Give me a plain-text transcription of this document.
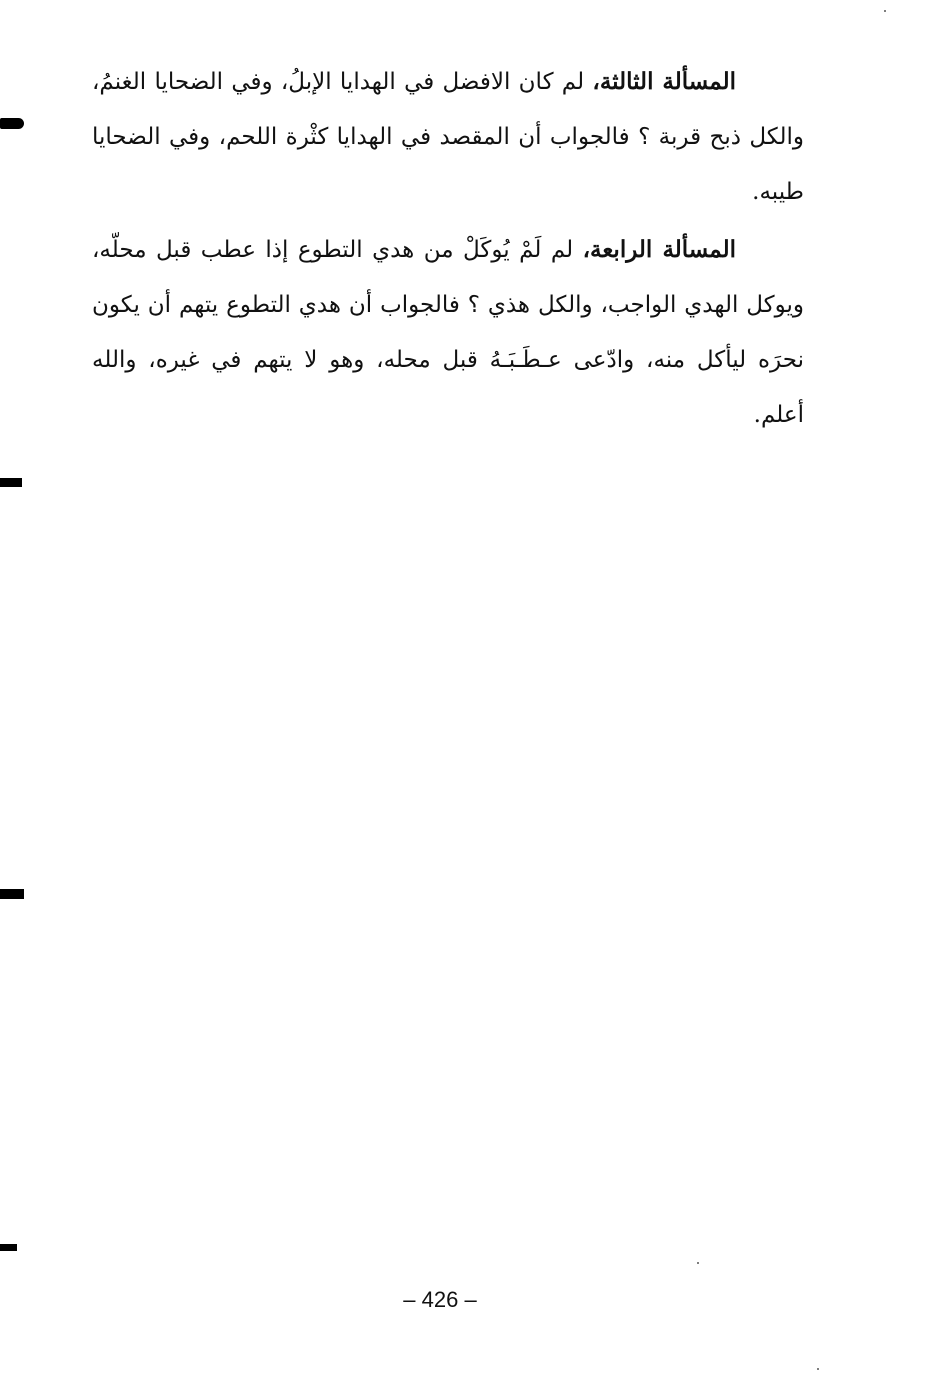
المسألة الثالثة، لم كان الافضل في الهدايا الإبلُ، وفي الضحايا الغنمُ، والكل ذبح قربة ؟ فالجواب أن المقصد في الهدايا كثْرة اللحم، وفي الضحايا طيبه.

المسألة الرابعة، لم لَمْ يُوكَلْ من هدي التطوع إذا عطب قبل محلّه، ويوكل الهدي الواجب، والكل هذي ؟ فالجواب أن هدي التطوع يتهم أن يكون نحرَه ليأكل منه، وادّعى عـطَـبَـهُ قبل محله، وهو لا يتهم في غيره، والله أعلم.

– 426 –
